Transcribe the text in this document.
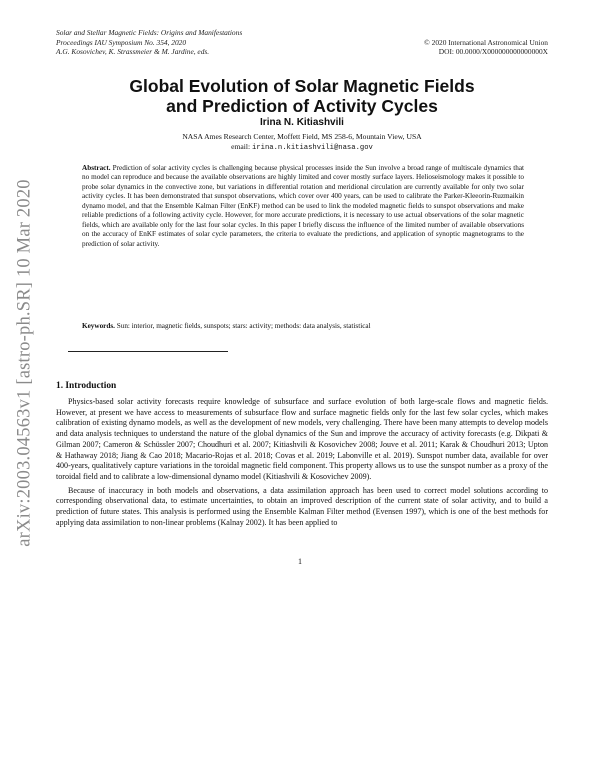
arXiv:2003.04563v1 [astro-ph.SR] 10 Mar 2020
Solar and Stellar Magnetic Fields: Origins and Manifestations
Proceedings IAU Symposium No. 354, 2020	© 2020 International Astronomical Union
A.G. Kosovichev, K. Strassmeier & M. Jardine, eds.	DOI: 00.0000/X000000000000000X
Global Evolution of Solar Magnetic Fields
and Prediction of Activity Cycles
Irina N. Kitiashvili
NASA Ames Research Center, Moffett Field, MS 258-6, Mountain View, USA
email: irina.n.kitiashvili@nasa.gov
Abstract. Prediction of solar activity cycles is challenging because physical processes inside the Sun involve a broad range of multiscale dynamics that no model can reproduce and because the available observations are highly limited and cover mostly surface layers. Helioseismology makes it possible to probe solar dynamics in the convective zone, but variations in differential rotation and meridional circulation are currently available for only two solar activity cycles. It has been demonstrated that sunspot observations, which cover over 400 years, can be used to calibrate the Parker-Kleeorin-Ruzmaikin dynamo model, and that the Ensemble Kalman Filter (EnKF) method can be used to link the modeled magnetic fields to sunspot observations and make reliable predictions of a following activity cycle. However, for more accurate predictions, it is necessary to use actual observations of the solar magnetic fields, which are available only for the last four solar cycles. In this paper I briefly discuss the influence of the limited number of available observations on the accuracy of EnKF estimates of solar cycle parameters, the criteria to evaluate the predictions, and application of synoptic magnetograms to the prediction of solar activity.
Keywords. Sun: interior, magnetic fields, sunspots; stars: activity; methods: data analysis, statistical
1. Introduction

Physics-based solar activity forecasts require knowledge of subsurface and surface evolution of both large-scale flows and magnetic fields. However, at present we have access to measurements of subsurface flow and surface magnetic fields only for the last few solar cycles, which makes calibration of existing dynamo models, as well as the development of new models, very challenging. There have been many attempts to develop models and data analysis techniques to understand the nature of the global dynamics of the Sun and improve the accuracy of activity forecasts (e.g. Dikpati & Gilman 2007; Cameron & Schüssler 2007; Choudhuri et al. 2007; Kitiashvili & Kosovichev 2008; Jouve et al. 2011; Karak & Choudhuri 2013; Upton & Hathaway 2018; Jiang & Cao 2018; Macario-Rojas et al. 2018; Covas et al. 2019; Labonville et al. 2019). Sunspot number data, available for over 400-years, qualitatively capture variations in the toroidal magnetic field component. This property allows us to use the sunspot number as a proxy of the toroidal field and to calibrate a low-dimensional dynamo model (Kitiashvili & Kosovichev 2009).

Because of inaccuracy in both models and observations, a data assimilation approach has been used to correct model solutions according to corresponding observational data, to estimate uncertainties, to obtain an improved description of the current state of solar activity, and to build a prediction of future states. This analysis is performed using the Ensemble Kalman Filter method (Evensen 1997), which is one of the best methods for applying data assimilation to non-linear problems (Kalnay 2002). It has been applied to

1
